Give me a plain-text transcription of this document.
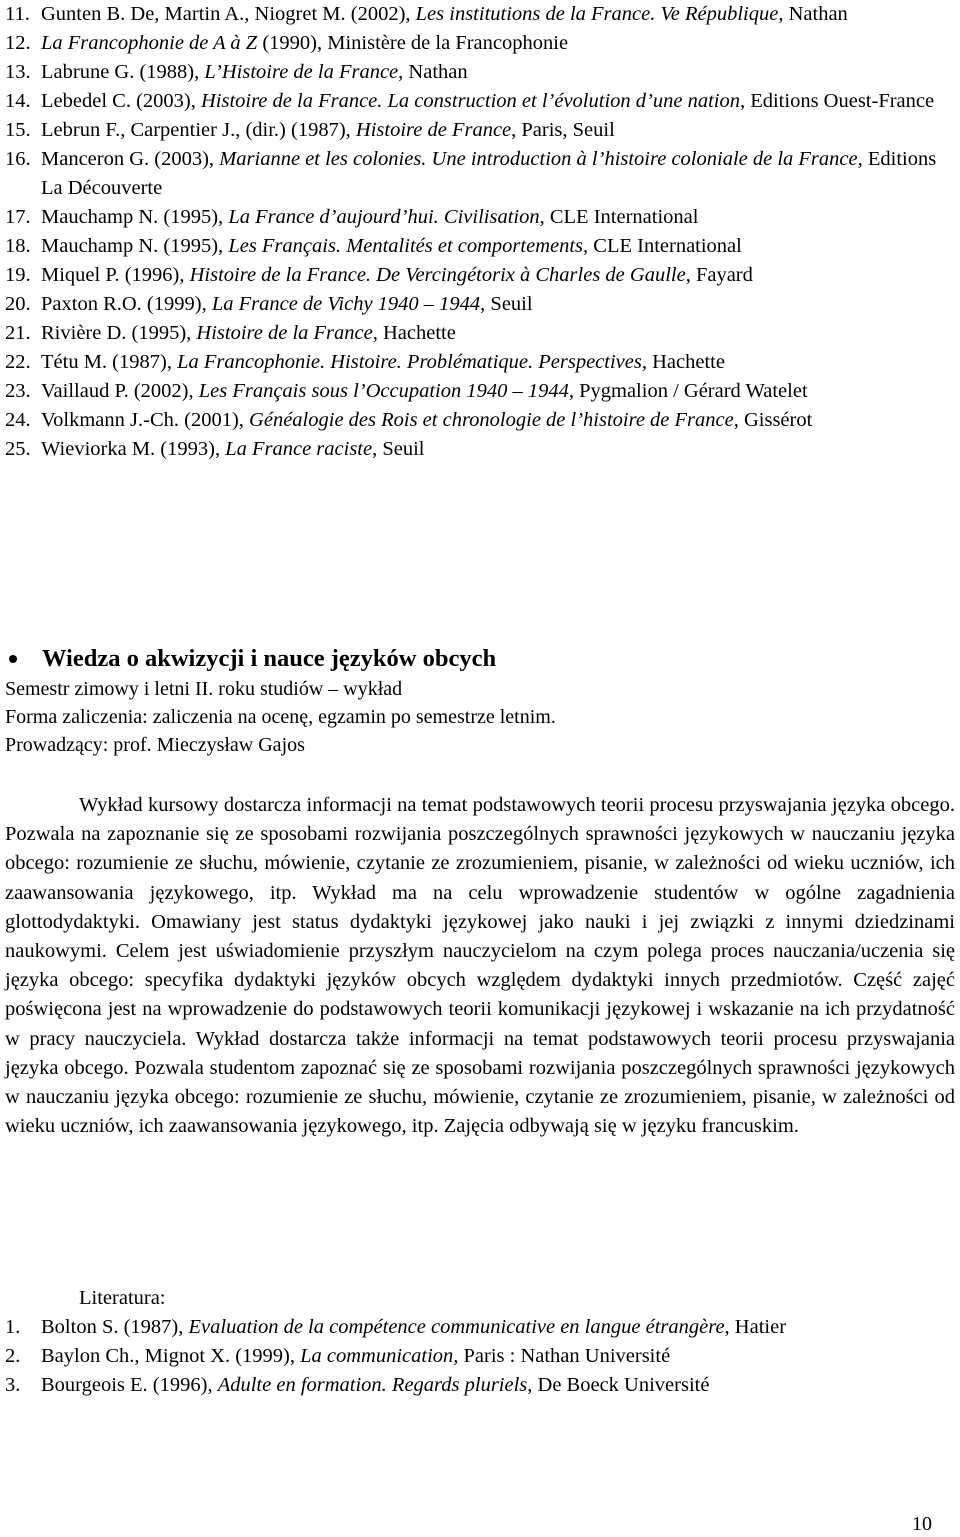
11. Gunten B. De, Martin A., Niogret M. (2002), Les institutions de la France. Ve République, Nathan
12. La Francophonie de A à Z (1990), Ministère de la Francophonie
13. Labrune G. (1988), L’Histoire de la France, Nathan
14. Lebedel C. (2003), Histoire de la France. La construction et l’évolution d’une nation, Editions Ouest-France
15. Lebrun F., Carpentier J., (dir.) (1987), Histoire de France, Paris, Seuil
16. Manceron G. (2003), Marianne et les colonies. Une introduction à l’histoire coloniale de la France, Editions La Découverte
17. Mauchamp N. (1995), La France d’aujourd’hui. Civilisation, CLE International
18. Mauchamp N. (1995), Les Français. Mentalités et comportements, CLE International
19. Miquel P. (1996), Histoire de la France. De Vercingétorix à Charles de Gaulle, Fayard
20. Paxton R.O. (1999), La France de Vichy 1940 – 1944, Seuil
21. Rivière D. (1995), Histoire de la France, Hachette
22. Tétu M. (1987), La Francophonie. Histoire. Problématique. Perspectives, Hachette
23. Vaillaud P. (2002), Les Français sous l’Occupation 1940 – 1944, Pygmalion / Gérard Watelet
24. Volkmann J.-Ch. (2001), Généalogie des Rois et chronologie de l’histoire de France, Gissérot
25. Wieviorka M. (1993), La France raciste, Seuil
Wiedza o akwizycji i nauce języków obcych
Semestr zimowy i letni II. roku studiów – wykład
Forma zaliczenia: zaliczenia na ocenę, egzamin po semestrze letnim.
Prowadzący: prof. Mieczysław Gajos
Wykład kursowy dostarcza informacji na temat podstawowych teorii procesu przyswajania języka obcego. Pozwala na zapoznanie się ze sposobami rozwijania poszczególnych sprawności językowych w nauczaniu języka obcego: rozumienie ze słuchu, mówienie, czytanie ze zrozumieniem, pisanie, w zależności od wieku uczniów, ich zaawansowania językowego, itp. Wykład ma na celu wprowadzenie studentów w ogólne zagadnienia glottodydaktyki. Omawiany jest status dydaktyki językowej jako nauki i jej związki z innymi dziedzinami naukowymi. Celem jest uświadomienie przyszłym nauczycielom na czym polega proces nauczania/uczenia się języka obcego: specyfika dydaktyki języków obcych względem dydaktyki innych przedmiotów. Część zajęć poświęcona jest na wprowadzenie do podstawowych teorii komunikacji językowej i wskazanie na ich przydatność w pracy nauczyciela. Wykład dostarcza także informacji na temat podstawowych teorii procesu przyswajania języka obcego. Pozwala studentom zapoznać się ze sposobami rozwijania poszczególnych sprawności językowych w nauczaniu języka obcego: rozumienie ze słuchu, mówienie, czytanie ze zrozumieniem, pisanie, w zależności od wieku uczniów, ich zaawansowania językowego, itp. Zajęcia odbywają się w języku francuskim.
Literatura:
1.	Bolton S. (1987), Evaluation de la compétence communicative en langue étrangère, Hatier
2.	Baylon Ch., Mignot X. (1999), La communication, Paris : Nathan Université
3.	Bourgeois E. (1996), Adulte en formation. Regards pluriels, De Boeck Université
10
